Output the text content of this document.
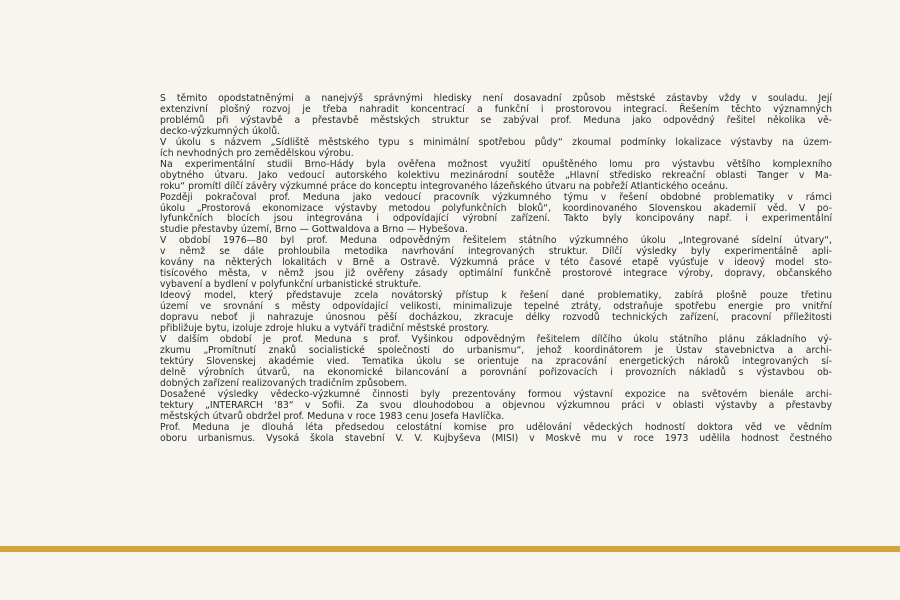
S těmito opodstatněnými a nanejvýš správnými hledisky není dosavadní způsob městské zástavby vždy v souladu. Její
extenzivní plošný rozvoj je třeba nahradit koncentrací a funkční i prostorovou integrací. Řešením těchto významných
problémů při výstavbě a přestavbě městských struktur se zabýval prof. Meduna jako odpovědný řešitel několika vě-
decko-výzkumných úkolů.
V úkolu s názvem „Sídliště městského typu s minimální spotřebou půdy“ zkoumal podmínky lokalizace výstavby na územ-
ích nevhodných pro zemědělskou výrobu.
Na experimentální studii Brno-Hády byla ověřena možnost využití opuštěného lomu pro výstavbu většího komplexního
obytného útvaru. Jako vedoucí autorského kolektivu mezinárodní soutěže „Hlavní středisko rekreační oblasti Tanger v Ma-
roku“ promítl dílčí závěry výzkumné práce do konceptu integrovaného lázeňského útvaru na pobřeží Atlantického oceánu.
Později pokračoval prof. Meduna jako vedoucí pracovník výzkumného týmu v řešení obdobné problematiky v rámci
úkolu „Prostorová ekonomizace výstavby metodou polyfunkčních bloků“, koordinovaného Slovenskou akademií věd. V po-
lyfunkčních blocích jsou integrována i odpovídající výrobní zařízení. Takto byly koncipovány např. i experimentální
studie přestavby území, Brno — Gottwaldova a Brno — Hybešova.
V období 1976—80 byl prof. Meduna odpovědným řešitelem státního výzkumného úkolu „Integrované sídelní útvary“,
v němž se dále prohloubila metodika navrhování integrovaných struktur. Dílčí výsledky byly experimentálně apli-
kovány na některých lokalitách v Brně a Ostravě. Výzkumná práce v této časové etapě vyúsťuje v ideový model sto-
tisícového města, v němž jsou již ověřeny zásady optimální funkčně prostorové integrace výroby, dopravy, občanského
vybavení a bydlení v polyfunkční urbanistické struktuře.
Ideový model, který představuje zcela novátorský přístup k řešení dané problematiky, zabírá plošně pouze třetinu
území ve srovnání s městy odpovídající velikosti, minimalizuje tepelné ztráty, odstraňuje spotřebu energie pro vnitřní
dopravu neboť ji nahrazuje únosnou pěší docházkou, zkracuje délky rozvodů technických zařízení, pracovní příležitosti
přibližuje bytu, izoluje zdroje hluku a vytváří tradiční městské prostory.
V dalším období je prof. Meduna s prof. Vyšinkou odpovědným řešitelem dílčího úkolu státního plánu základního vý-
zkumu „Promítnutí znaků socialistické společnosti do urbanismu“, jehož koordinátorem je Ústav stavebnictva a archi-
tektúry Slovenskej akadémie vied. Tematika úkolu se orientuje na zpracování energetických nároků integrovaných sí-
delně výrobních útvarů, na ekonomické bilancování a porovnání pořizovacích i provozních nákladů s výstavbou ob-
dobných zařízení realizovaných tradičním způsobem.
Dosažené výsledky vědecko-výzkumné činnosti byly prezentovány formou výstavní expozice na světovém bienále archi-
tektury „INTERARCH '83“ v Sofii. Za svou dlouhodobou a objevnou výzkumnou práci v oblasti výstavby a přestavby
městských útvarů obdržel prof. Meduna v roce 1983 cenu Josefa Havlíčka.
Prof. Meduna je dlouhá léta předsedou celostátní komise pro udělování vědeckých hodností doktora věd ve vědním
oboru urbanismus. Vysoká škola stavební V. V. Kujbyševa (MISI) v Moskvě mu v roce 1973 udělila hodnost čestného
